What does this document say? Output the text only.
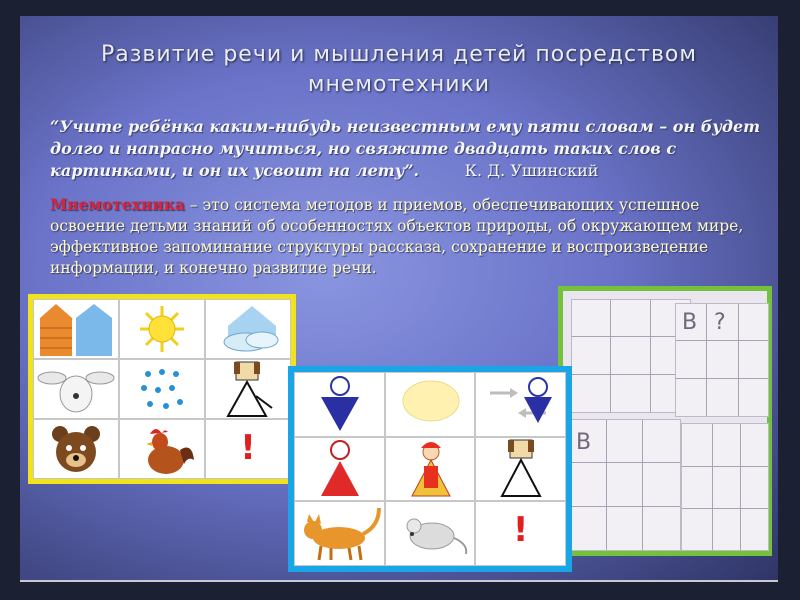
Развитие речи и мышления детей посредством
мнемотехники
“Учите ребёнка каким-нибудь неизвестным ему пяти словам – он будет долго и напрасно мучиться, но свяжите двадцать таких слов с картинками, и он их усвоит на лету”.	К. Д. Ушинский
Мнемотехника – это система методов и приемов, обеспечивающих успешное освоение детьми знаний об особенностях объектов природы, об окружающем мире, эффективное запоминание структуры рассказа, сохранение и воспроизведение информации, и конечно развитие речи.
!
В ?
В
!
